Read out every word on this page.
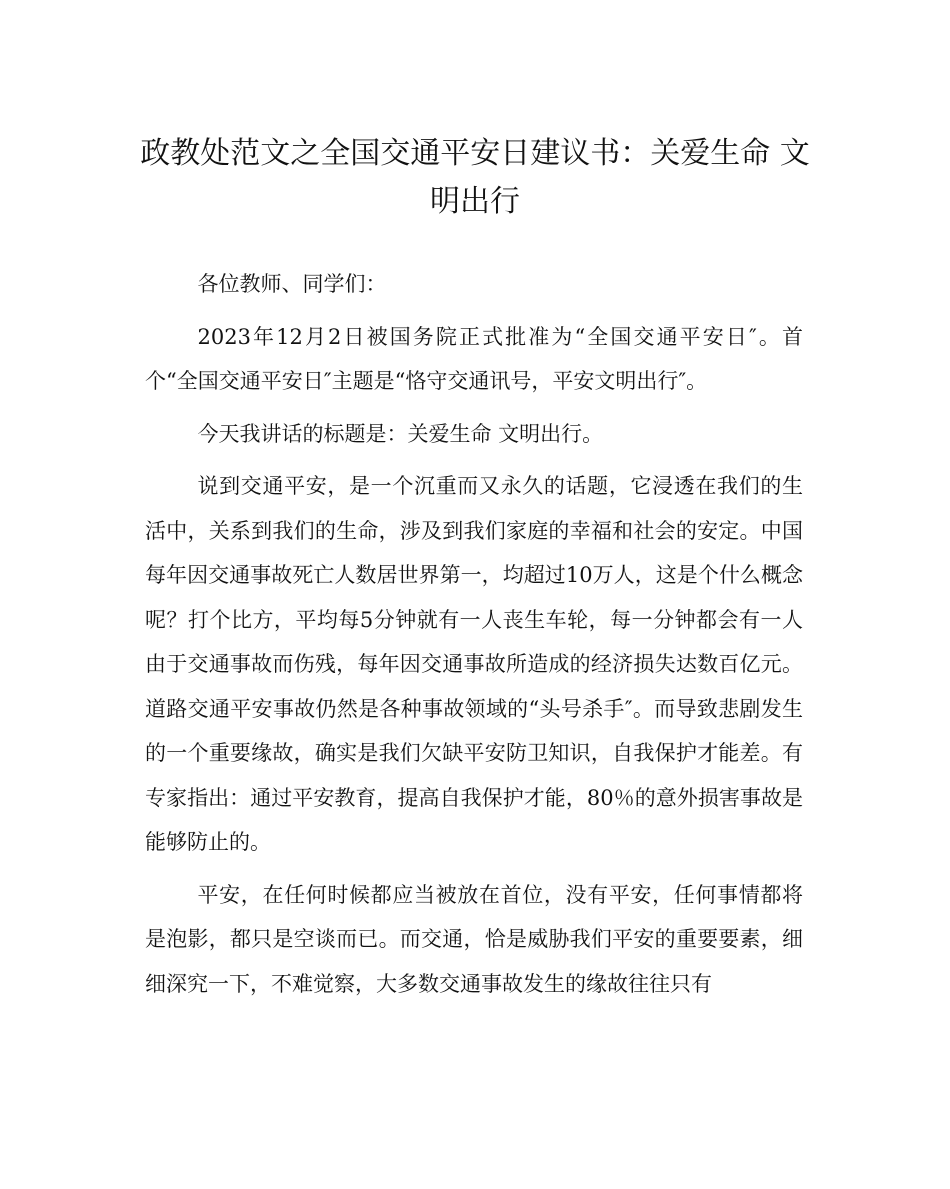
政教处范文之全国交通平安日建议书：关爱生命 文明出行

各位教师、同学们：

2023年12月2日被国务院正式批准为“全国交通平安日″。首个“全国交通平安日″主题是“恪守交通讯号，平安文明出行″。

今天我讲话的标题是：关爱生命 文明出行。

说到交通平安，是一个沉重而又永久的话题，它浸透在我们的生活中，关系到我们的生命，涉及到我们家庭的幸福和社会的安定。中国每年因交通事故死亡人数居世界第一，均超过10万人，这是个什么概念呢？打个比方，平均每5分钟就有一人丧生车轮，每一分钟都会有一人由于交通事故而伤残，每年因交通事故所造成的经济损失达数百亿元。道路交通平安事故仍然是各种事故领域的“头号杀手″。而导致悲剧发生的一个重要缘故，确实是我们欠缺平安防卫知识，自我保护才能差。有专家指出：通过平安教育，提高自我保护才能，80％的意外损害事故是能够防止的。

平安，在任何时候都应当被放在首位，没有平安，任何事情都将是泡影，都只是空谈而已。而交通，恰是威胁我们平安的重要要素，细细深究一下，不难觉察，大多数交通事故发生的缘故往往只有
